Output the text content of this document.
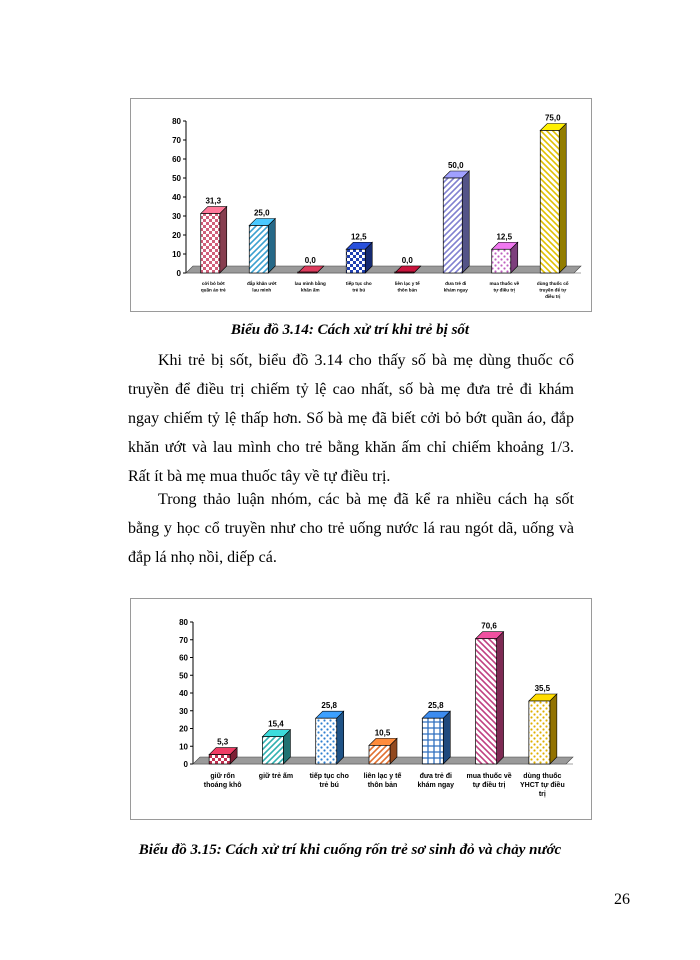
0
10
20
30
40
50
60
70
80
31,3
cởi bỏ bớt quần áo trẻ
25,0
đắp khăn ướt lau mình
0,0
lau mình bằng khăn ấm
12,5
tiếp tục cho trẻ bú
0,0
liên lạc y tế thôn bản
50,0
đưa trẻ đi khám ngay
12,5
mua thuốc về tự điều trị
75,0
dùng thuốc cổ truyền để tự điều trị
Biểu đồ 3.14: Cách xử trí khi trẻ bị sốt

Khi trẻ bị sốt, biểu đồ 3.14 cho thấy số bà mẹ dùng thuốc cổ truyền để điều trị chiếm tỷ lệ cao nhất, số bà mẹ đưa trẻ đi khám ngay chiếm tỷ lệ thấp hơn. Số bà mẹ đã biết cởi bỏ bớt quần áo, đắp khăn ướt và lau mình cho trẻ bằng khăn ấm chỉ chiếm khoảng 1/3. Rất ít bà mẹ mua thuốc tây về tự điều trị.

Trong thảo luận nhóm, các bà mẹ đã kể ra nhiều cách hạ sốt bằng y học cổ truyền như cho trẻ uống nước lá rau ngót dã, uống và đắp lá nhọ nồi, diếp cá.

0
10
20
30
40
50
60
70
80
5,3
giữ rốn thoáng khô
15,4
giữ trẻ ấm
25,8
tiếp tục cho trẻ bú
10,5
liên lạc y tế thôn bản
25,8
đưa trẻ đi khám ngay
70,6
mua thuốc về tự điều trị
35,5
dùng thuốc YHCT tự điều trị
Biểu đồ 3.15: Cách xử trí khi cuống rốn trẻ sơ sinh đỏ và chảy nước
26
